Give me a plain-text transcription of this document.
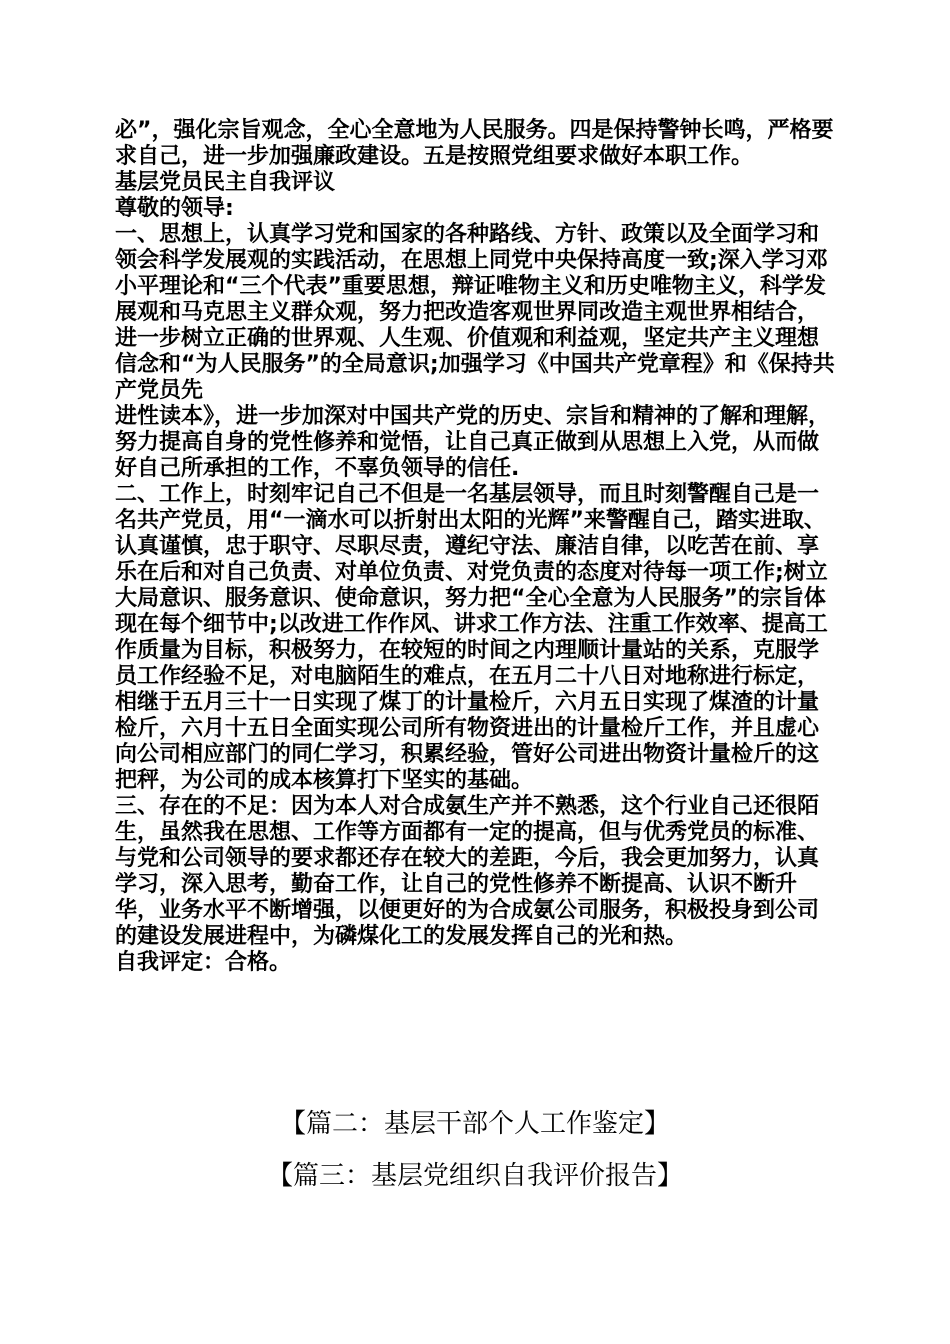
必”，强化宗旨观念，全心全意地为人民服务。四是保持警钟长鸣，严格要求自己，进一步加强廉政建设。五是按照党组要求做好本职工作。

基层党员民主自我评议

尊敬的领导:

一、思想上，认真学习党和国家的各种路线、方针、政策以及全面学习和领会科学发展观的实践活动，在思想上同党中央保持高度一致;深入学习邓小平理论和“三个代表”重要思想，辩证唯物主义和历史唯物主义，科学发展观和马克思主义群众观，努力把改造客观世界同改造主观世界相结合，进一步树立正确的世界观、人生观、价值观和利益观，坚定共产主义理想信念和“为人民服务”的全局意识;加强学习《中国共产党章程》和《保持共产党员先

进性读本》，进一步加深对中国共产党的历史、宗旨和精神的了解和理解，努力提高自身的党性修养和觉悟，让自己真正做到从思想上入党，从而做好自己所承担的工作，不辜负领导的信任.

二、工作上，时刻牢记自己不但是一名基层领导，而且时刻警醒自己是一名共产党员，用“一滴水可以折射出太阳的光辉”来警醒自己，踏实进取、认真谨慎，忠于职守、尽职尽责，遵纪守法、廉洁自律，以吃苦在前、享乐在后和对自己负责、对单位负责、对党负责的态度对待每一项工作;树立大局意识、服务意识、使命意识，努力把“全心全意为人民服务”的宗旨体现在每个细节中;以改进工作作风、讲求工作方法、注重工作效率、提高工作质量为目标，积极努力，在较短的时间之内理顺计量站的关系，克服学员工作经验不足，对电脑陌生的难点，在五月二十八日对地称进行标定，相继于五月三十一日实现了煤丁的计量检斤，六月五日实现了煤渣的计量检斤，六月十五日全面实现公司所有物资进出的计量检斤工作，并且虚心向公司相应部门的同仁学习，积累经验，管好公司进出物资计量检斤的这把秤，为公司的成本核算打下坚实的基础。

三、存在的不足：因为本人对合成氨生产并不熟悉，这个行业自己还很陌生，虽然我在思想、工作等方面都有一定的提高，但与优秀党员的标准、与党和公司领导的要求都还存在较大的差距，今后，我会更加努力，认真学习，深入思考，勤奋工作，让自己的党性修养不断提高、认识不断升华，业务水平不断增强，以便更好的为合成氨公司服务，积极投身到公司的建设发展进程中，为磷煤化工的发展发挥自己的光和热。

自我评定：合格。

【篇二：基层干部个人工作鉴定】
【篇三：基层党组织自我评价报告】
